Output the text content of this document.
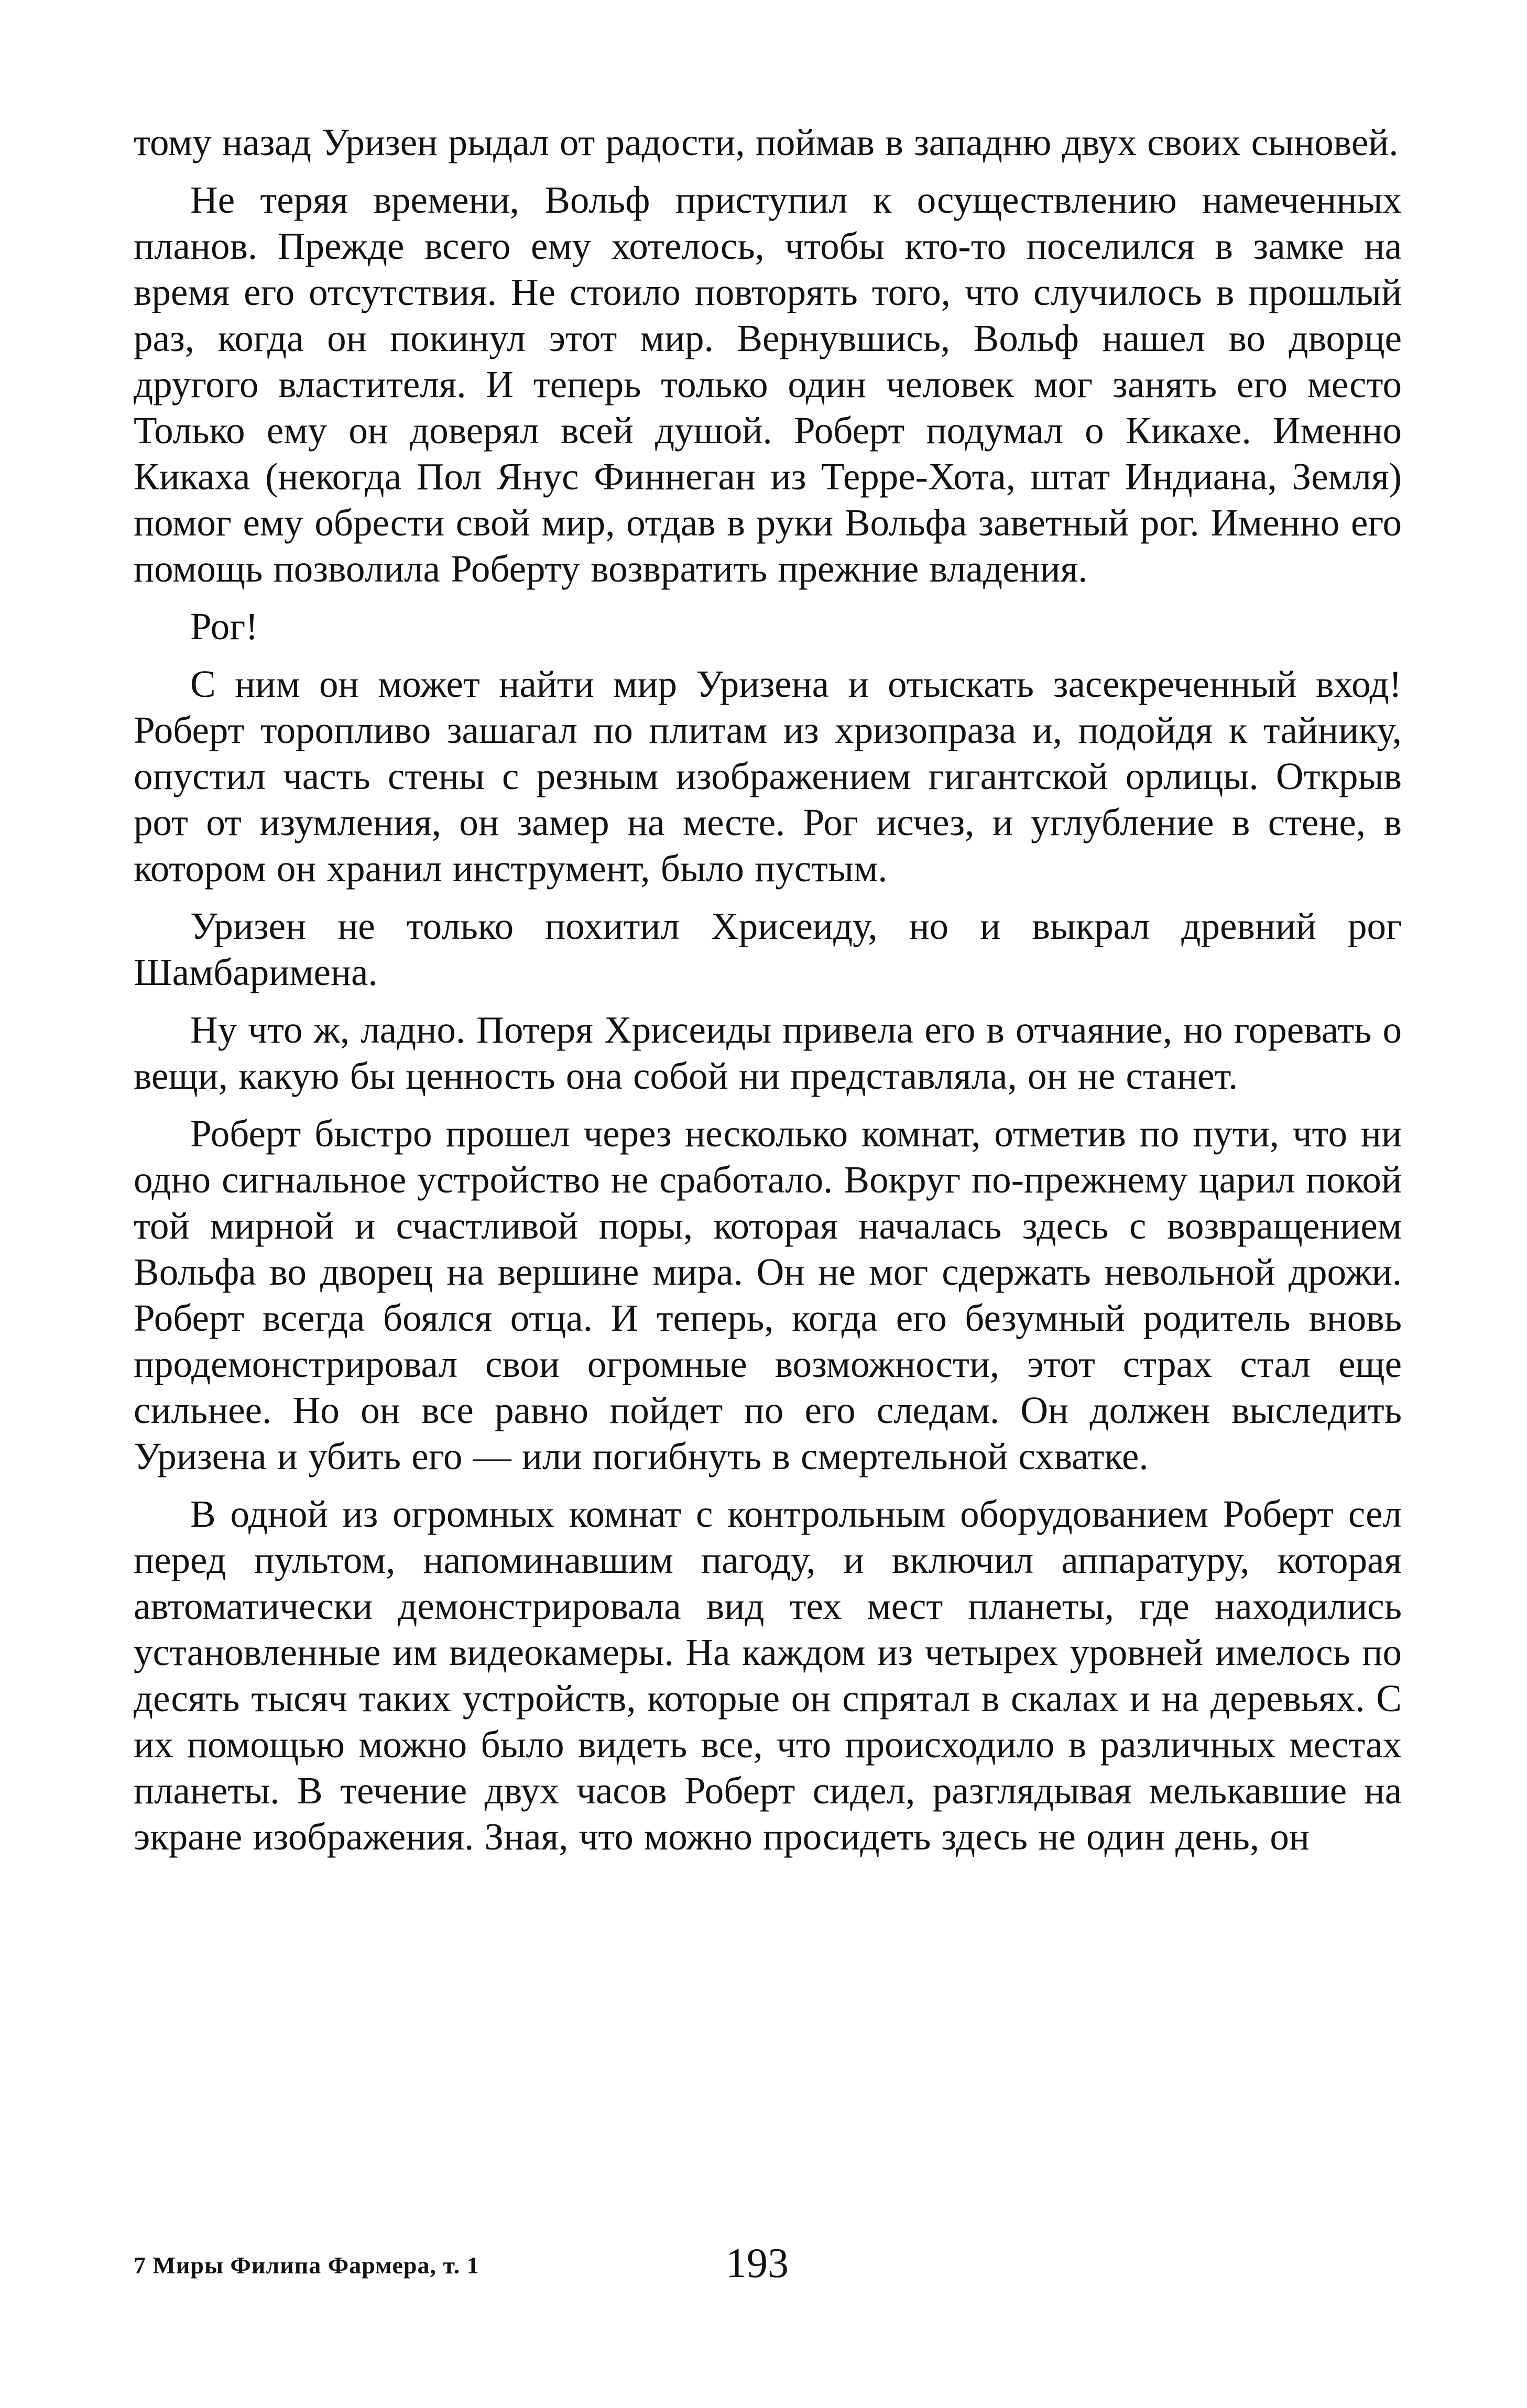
тому назад Уризен рыдал от радости, поймав в западню двух своих сыновей.

Не теряя времени, Вольф приступил к осуществлению намеченных планов. Прежде всего ему хотелось, чтобы кто-то поселился в замке на время его отсутствия. Не стоило повторять того, что случилось в прошлый раз, когда он покинул этот мир. Вернувшись, Вольф нашел во дворце другого властителя. И теперь только один человек мог занять его место Только ему он доверял всей душой. Роберт подумал о Кикахе. Именно Кикаха (некогда Пол Янус Финнеган из Терре-Хота, штат Индиана, Земля) помог ему обрести свой мир, отдав в руки Вольфа заветный рог. Именно его помощь позволила Роберту возвратить прежние владения.

Рог!

С ним он может найти мир Уризена и отыскать засекреченный вход! Роберт торопливо зашагал по плитам из хризопраза и, подойдя к тайнику, опустил часть стены с резным изображением гигантской орлицы. Открыв рот от изумления, он замер на месте. Рог исчез, и углубление в стене, в котором он хранил инструмент, было пустым.

Уризен не только похитил Хрисеиду, но и выкрал древний рог Шамбаримена.

Ну что ж, ладно. Потеря Хрисеиды привела его в отчаяние, но горевать о вещи, какую бы ценность она собой ни представляла, он не станет.

Роберт быстро прошел через несколько комнат, отметив по пути, что ни одно сигнальное устройство не сработало. Вокруг по-прежнему царил покой той мирной и счастливой поры, которая началась здесь с возвращением Вольфа во дворец на вершине мира. Он не мог сдержать невольной дрожи. Роберт всегда боялся отца. И теперь, когда его безумный родитель вновь продемонстрировал свои огромные возможности, этот страх стал еще сильнее. Но он все равно пойдет по его следам. Он должен выследить Уризена и убить его — или погибнуть в смертельной схватке.

В одной из огромных комнат с контрольным оборудованием Роберт сел перед пультом, напоминавшим пагоду, и включил аппаратуру, которая автоматически демонстрировала вид тех мест планеты, где находились установленные им видеокамеры. На каждом из четырех уровней имелось по десять тысяч таких устройств, которые он спрятал в скалах и на деревьях. С их помощью можно было видеть все, что происходило в различных местах планеты. В течение двух часов Роберт сидел, разглядывая мелькавшие на экране изображения. Зная, что можно просидеть здесь не один день, он

7 Миры Филипа Фармера, т. 1	193
